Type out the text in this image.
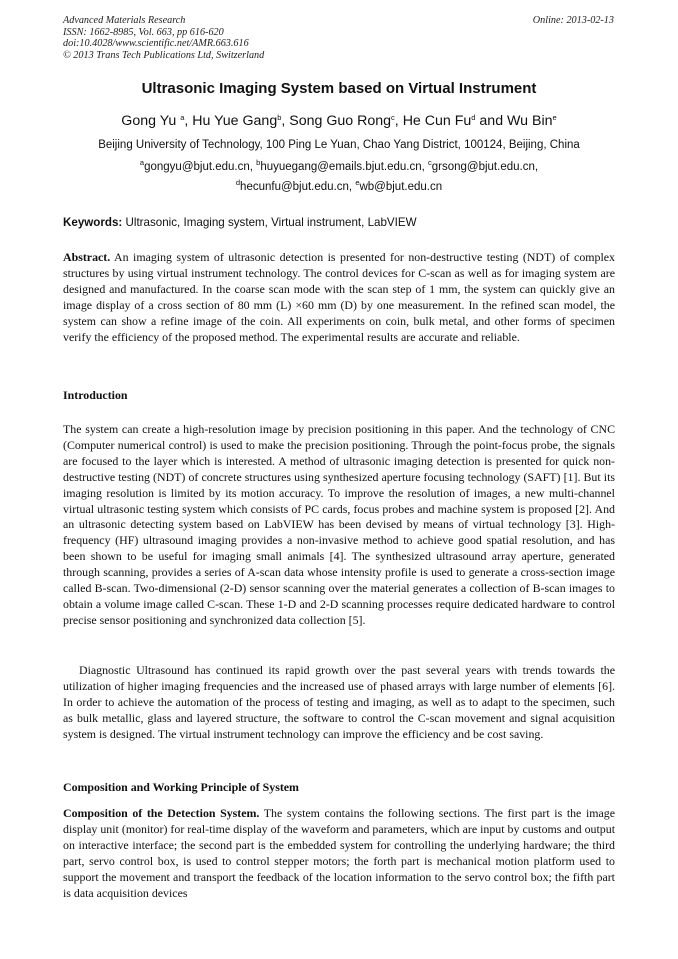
Advanced Materials Research
ISSN: 1662-8985, Vol. 663, pp 616-620
doi:10.4028/www.scientific.net/AMR.663.616
© 2013 Trans Tech Publications Ltd, Switzerland
Online: 2013-02-13
Ultrasonic Imaging System based on Virtual Instrument
Gong Yu $^a$, Hu Yue Gang$^b$, Song Guo Rong$^c$, He Cun Fu$^d$ and Wu Bin$^e$
Beijing University of Technology, 100 Ping Le Yuan, Chao Yang District, 100124, Beijing, China
$^a$gongyu@bjut.edu.cn, $^b$huyuegang@emails.bjut.edu.cn, $^c$grsong@bjut.edu.cn,
$^d$hecunfu@bjut.edu.cn, $^e$wb@bjut.edu.cn
Keywords: Ultrasonic, Imaging system, Virtual instrument, LabVIEW
Abstract. An imaging system of ultrasonic detection is presented for non-destructive testing (NDT) of complex structures by using virtual instrument technology. The control devices for C-scan as well as for imaging system are designed and manufactured. In the coarse scan mode with the scan step of 1 mm, the system can quickly give an image display of a cross section of 80 mm (L) ×60 mm (D) by one measurement. In the refined scan model, the system can show a refine image of the coin. All experiments on coin, bulk metal, and other forms of specimen verify the efficiency of the proposed method. The experimental results are accurate and reliable.
Introduction
The system can create a high-resolution image by precision positioning in this paper. And the technology of CNC (Computer numerical control) is used to make the precision positioning. Through the point-focus probe, the signals are focused to the layer which is interested. A method of ultrasonic imaging detection is presented for quick non-destructive testing (NDT) of concrete structures using synthesized aperture focusing technology (SAFT) [1]. But its imaging resolution is limited by its motion accuracy. To improve the resolution of images, a new multi-channel virtual ultrasonic testing system which consists of PC cards, focus probes and machine system is proposed [2]. And an ultrasonic detecting system based on LabVIEW has been devised by means of virtual technology [3]. High-frequency (HF) ultrasound imaging provides a non-invasive method to achieve good spatial resolution, and has been shown to be useful for imaging small animals [4]. The synthesized ultrasound array aperture, generated through scanning, provides a series of A-scan data whose intensity profile is used to generate a cross-section image called B-scan. Two-dimensional (2-D) sensor scanning over the material generates a collection of B-scan images to obtain a volume image called C-scan. These 1-D and 2-D scanning processes require dedicated hardware to control precise sensor positioning and synchronized data collection [5].
Diagnostic Ultrasound has continued its rapid growth over the past several years with trends towards the utilization of higher imaging frequencies and the increased use of phased arrays with large number of elements [6]. In order to achieve the automation of the process of testing and imaging, as well as to adapt to the specimen, such as bulk metallic, glass and layered structure, the software to control the C-scan movement and signal acquisition system is designed. The virtual instrument technology can improve the efficiency and be cost saving.
Composition and Working Principle of System
Composition of the Detection System. The system contains the following sections. The first part is the image display unit (monitor) for real-time display of the waveform and parameters, which are input by customs and output on interactive interface; the second part is the embedded system for controlling the underlying hardware; the third part, servo control box, is used to control stepper motors; the forth part is mechanical motion platform used to support the movement and transport the feedback of the location information to the servo control box; the fifth part is data acquisition devices
